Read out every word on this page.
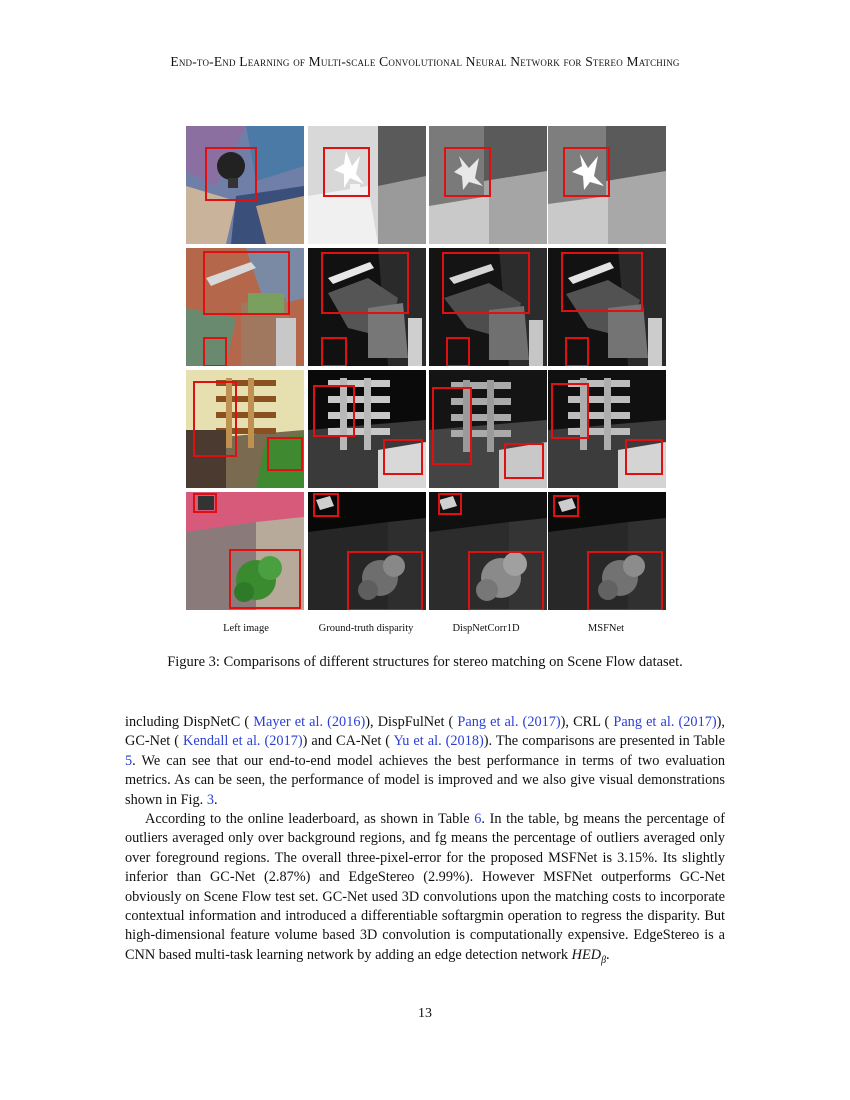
End-to-End Learning of Multi-scale Convolutional Neural Network for Stereo Matching
Left image	Ground-truth disparity	DispNetCorr1D	MSFNet
Figure 3: Comparisons of different structures for stereo matching on Scene Flow dataset.

including DispNetC ( Mayer et al. (2016)), DispFulNet ( Pang et al. (2017)), CRL ( Pang et al. (2017)), GC-Net ( Kendall et al. (2017)) and CA-Net ( Yu et al. (2018)). The comparisons are presented in Table 5. We can see that our end-to-end model achieves the best performance in terms of two evaluation metrics. As can be seen, the performance of model is improved and we also give visual demonstrations shown in Fig. 3.

According to the online leaderboard, as shown in Table 6. In the table, bg means the percentage of outliers averaged only over background regions, and fg means the percentage of outliers averaged only over foreground regions. The overall three-pixel-error for the proposed MSFNet is 3.15%. Its slightly inferior than GC-Net (2.87%) and EdgeStereo (2.99%). However MSFNet outperforms GC-Net obviously on Scene Flow test set. GC-Net used 3D convolutions upon the matching costs to incorporate contextual information and introduced a differentiable softargmin operation to regress the disparity. But high-dimensional feature volume based 3D convolution is computationally expensive. EdgeStereo is a CNN based multi-task learning network by adding an edge detection network $HED_\beta$.

13
